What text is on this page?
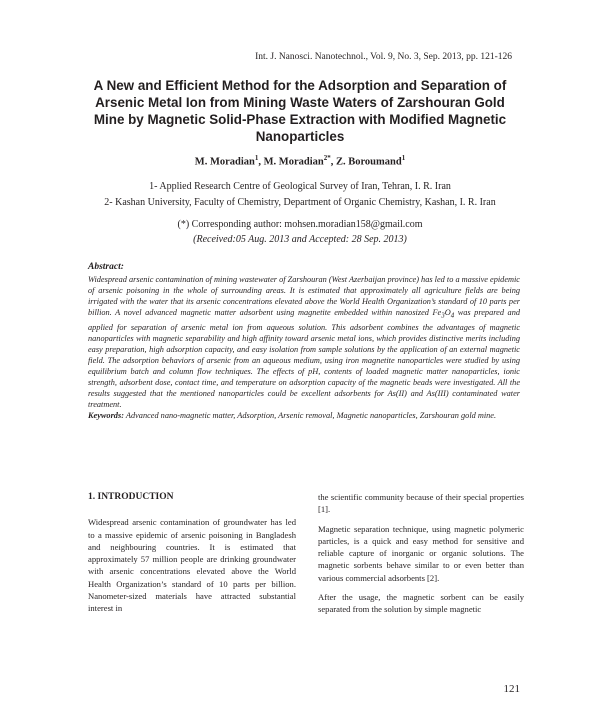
Int. J. Nanosci. Nanotechnol., Vol. 9, No. 3, Sep. 2013, pp. 121-126
A New and Efficient Method for the Adsorption and Separation of Arsenic Metal Ion from Mining Waste Waters of Zarshouran Gold Mine by Magnetic Solid-Phase Extraction with Modified Magnetic Nanoparticles
M. Moradian$^1$, M. Moradian$^{2*}$, Z. Boroumand$^1$
1- Applied Research Centre of Geological Survey of Iran, Tehran, I. R. Iran
2- Kashan University, Faculty of Chemistry, Department of Organic Chemistry, Kashan, I. R. Iran
(*) Corresponding author: mohsen.moradian158@gmail.com
(Received:05 Aug. 2013 and Accepted: 28 Sep. 2013)
Abstract:
Widespread arsenic contamination of mining wastewater of Zarshouran (West Azerbaijan province) has led to a massive epidemic of arsenic poisoning in the whole of surrounding areas. It is estimated that approximately all agriculture fields are being irrigated with the water that its arsenic concentrations elevated above the World Health Organization’s standard of 10 parts per billion. A novel advanced magnetic matter adsorbent using magnetite embedded within nanosized $Fe_3O_4$ was prepared and applied for separation of arsenic metal ion from aqueous solution. This adsorbent combines the advantages of magnetic nanoparticles with magnetic separability and high affinity toward arsenic metal ions, which provides distinctive merits including easy preparation, high adsorption capacity, and easy isolation from sample solutions by the application of an external magnetic field. The adsorption behaviors of arsenic from an aqueous medium, using iron magnetite nanoparticles were studied by using equilibrium batch and column flow techniques. The effects of pH, contents of loaded magnetic matter nanoparticles, ionic strength, adsorbent dose, contact time, and temperature on adsorption capacity of the magnetic beads were investigated. All the results suggested that the mentioned nanoparticles could be excellent adsorbents for As(II) and As(III) contaminated water treatment.
Keywords: Advanced nano-magnetic matter, Adsorption, Arsenic removal, Magnetic nanoparticles, Zarshouran gold mine.
1. INTRODUCTION

Widespread arsenic contamination of groundwater has led to a massive epidemic of arsenic poisoning in Bangladesh and neighbouring countries. It is estimated that approximately 57 million people are drinking groundwater with arsenic concentrations elevated above the World Health Organization’s standard of 10 parts per billion. Nanometer-sized materials have attracted substantial interest in

the scientific community because of their special properties [1].

Magnetic separation technique, using magnetic polymeric particles, is a quick and easy method for sensitive and reliable capture of inorganic or organic solutions. The magnetic sorbents behave similar to or even better than various commercial adsorbents [2].

After the usage, the magnetic sorbent can be easily separated from the solution by simple magnetic

121
